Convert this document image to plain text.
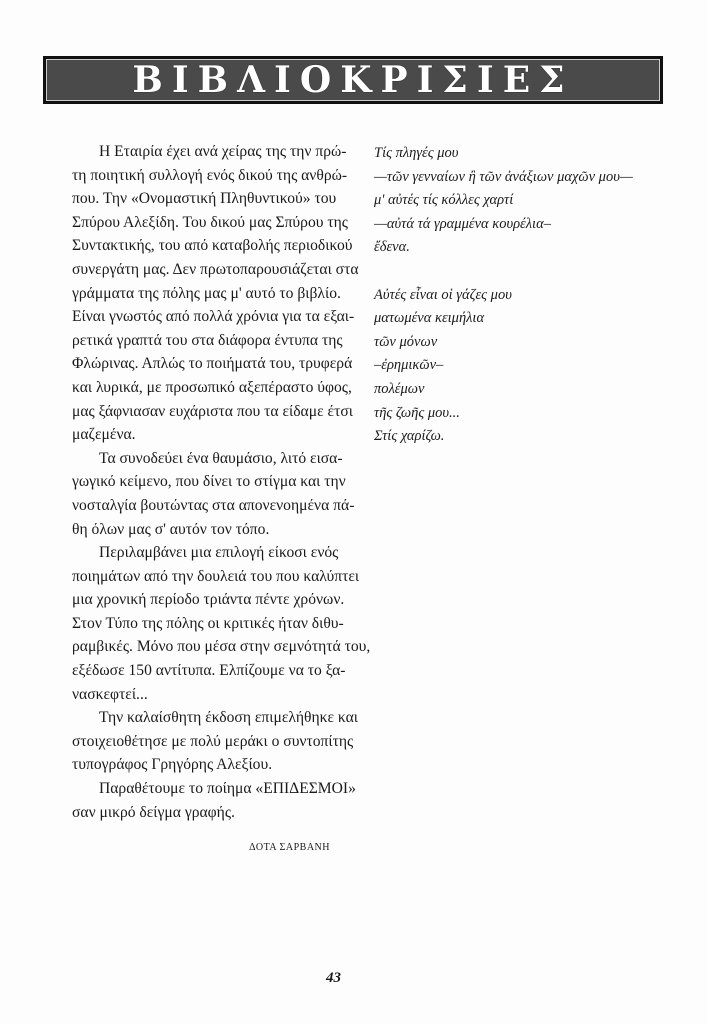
ΒΙΒΛΙΟΚΡΙΣΙΕΣ
Η Εταιρία έχει ανά χείρας της την πρώ-
τη ποιητική συλλογή ενός δικού της ανθρώ-
που. Την «Ονομαστική Πληθυντικού» του
Σπύρου Αλεξίδη. Του δικού μας Σπύρου της
Συντακτικής, του από καταβολής περιοδικού
συνεργάτη μας. Δεν πρωτοπαρουσιάζεται στα
γράμματα της πόλης μας μ' αυτό το βιβλίο.
Είναι γνωστός από πολλά χρόνια για τα εξαι-
ρετικά γραπτά του στα διάφορα έντυπα της
Φλώρινας. Απλώς το ποιήματά του, τρυφερά
και λυρικά, με προσωπικό αξεπέραστο ύφος,
μας ξάφνιασαν ευχάριστα που τα είδαμε έτσι
μαζεμένα.
Τα συνοδεύει ένα θαυμάσιο, λιτό εισα-
γωγικό κείμενο, που δίνει το στίγμα και την
νοσταλγία βουτώντας στα απονενοημένα πά-
θη όλων μας σ' αυτόν τον τόπο.
Περιλαμβάνει μια επιλογή είκοσι ενός
ποιημάτων από την δουλειά του που καλύπτει
μια χρονική περίοδο τριάντα πέντε χρόνων.
Στον Τύπο της πόλης οι κριτικές ήταν διθυ-
ραμβικές. Μόνο που μέσα στην σεμνότητά του,
εξέδωσε 150 αντίτυπα. Ελπίζουμε να το ξα-
νασκεφτεί...
Την καλαίσθητη έκδοση επιμελήθηκε και
στοιχειοθέτησε με πολύ μεράκι ο συντοπίτης
τυπογράφος Γρηγόρης Αλεξίου.
Παραθέτουμε το ποίημα «ΕΠΙΔΕΣΜΟΙ»
σαν μικρό δείγμα γραφής.
Τίς πληγές μου
—τῶν γενναίων ἢ τῶν ἀνάξιων μαχῶν μου—
μ' αὐτές τίς κόλλες χαρτί
—αὐτά τά γραμμένα κουρέλια–
ἔδενα.
Αὐτές εἶναι οἱ γάζες μου
ματωμένα κειμήλια
τῶν μόνων
–ἐρημικῶν–
πολέμων
τῆς ζωῆς μου...
Στίς χαρίζω.
ΔΟΤΑ ΣΑΡΒΑΝΗ
43
